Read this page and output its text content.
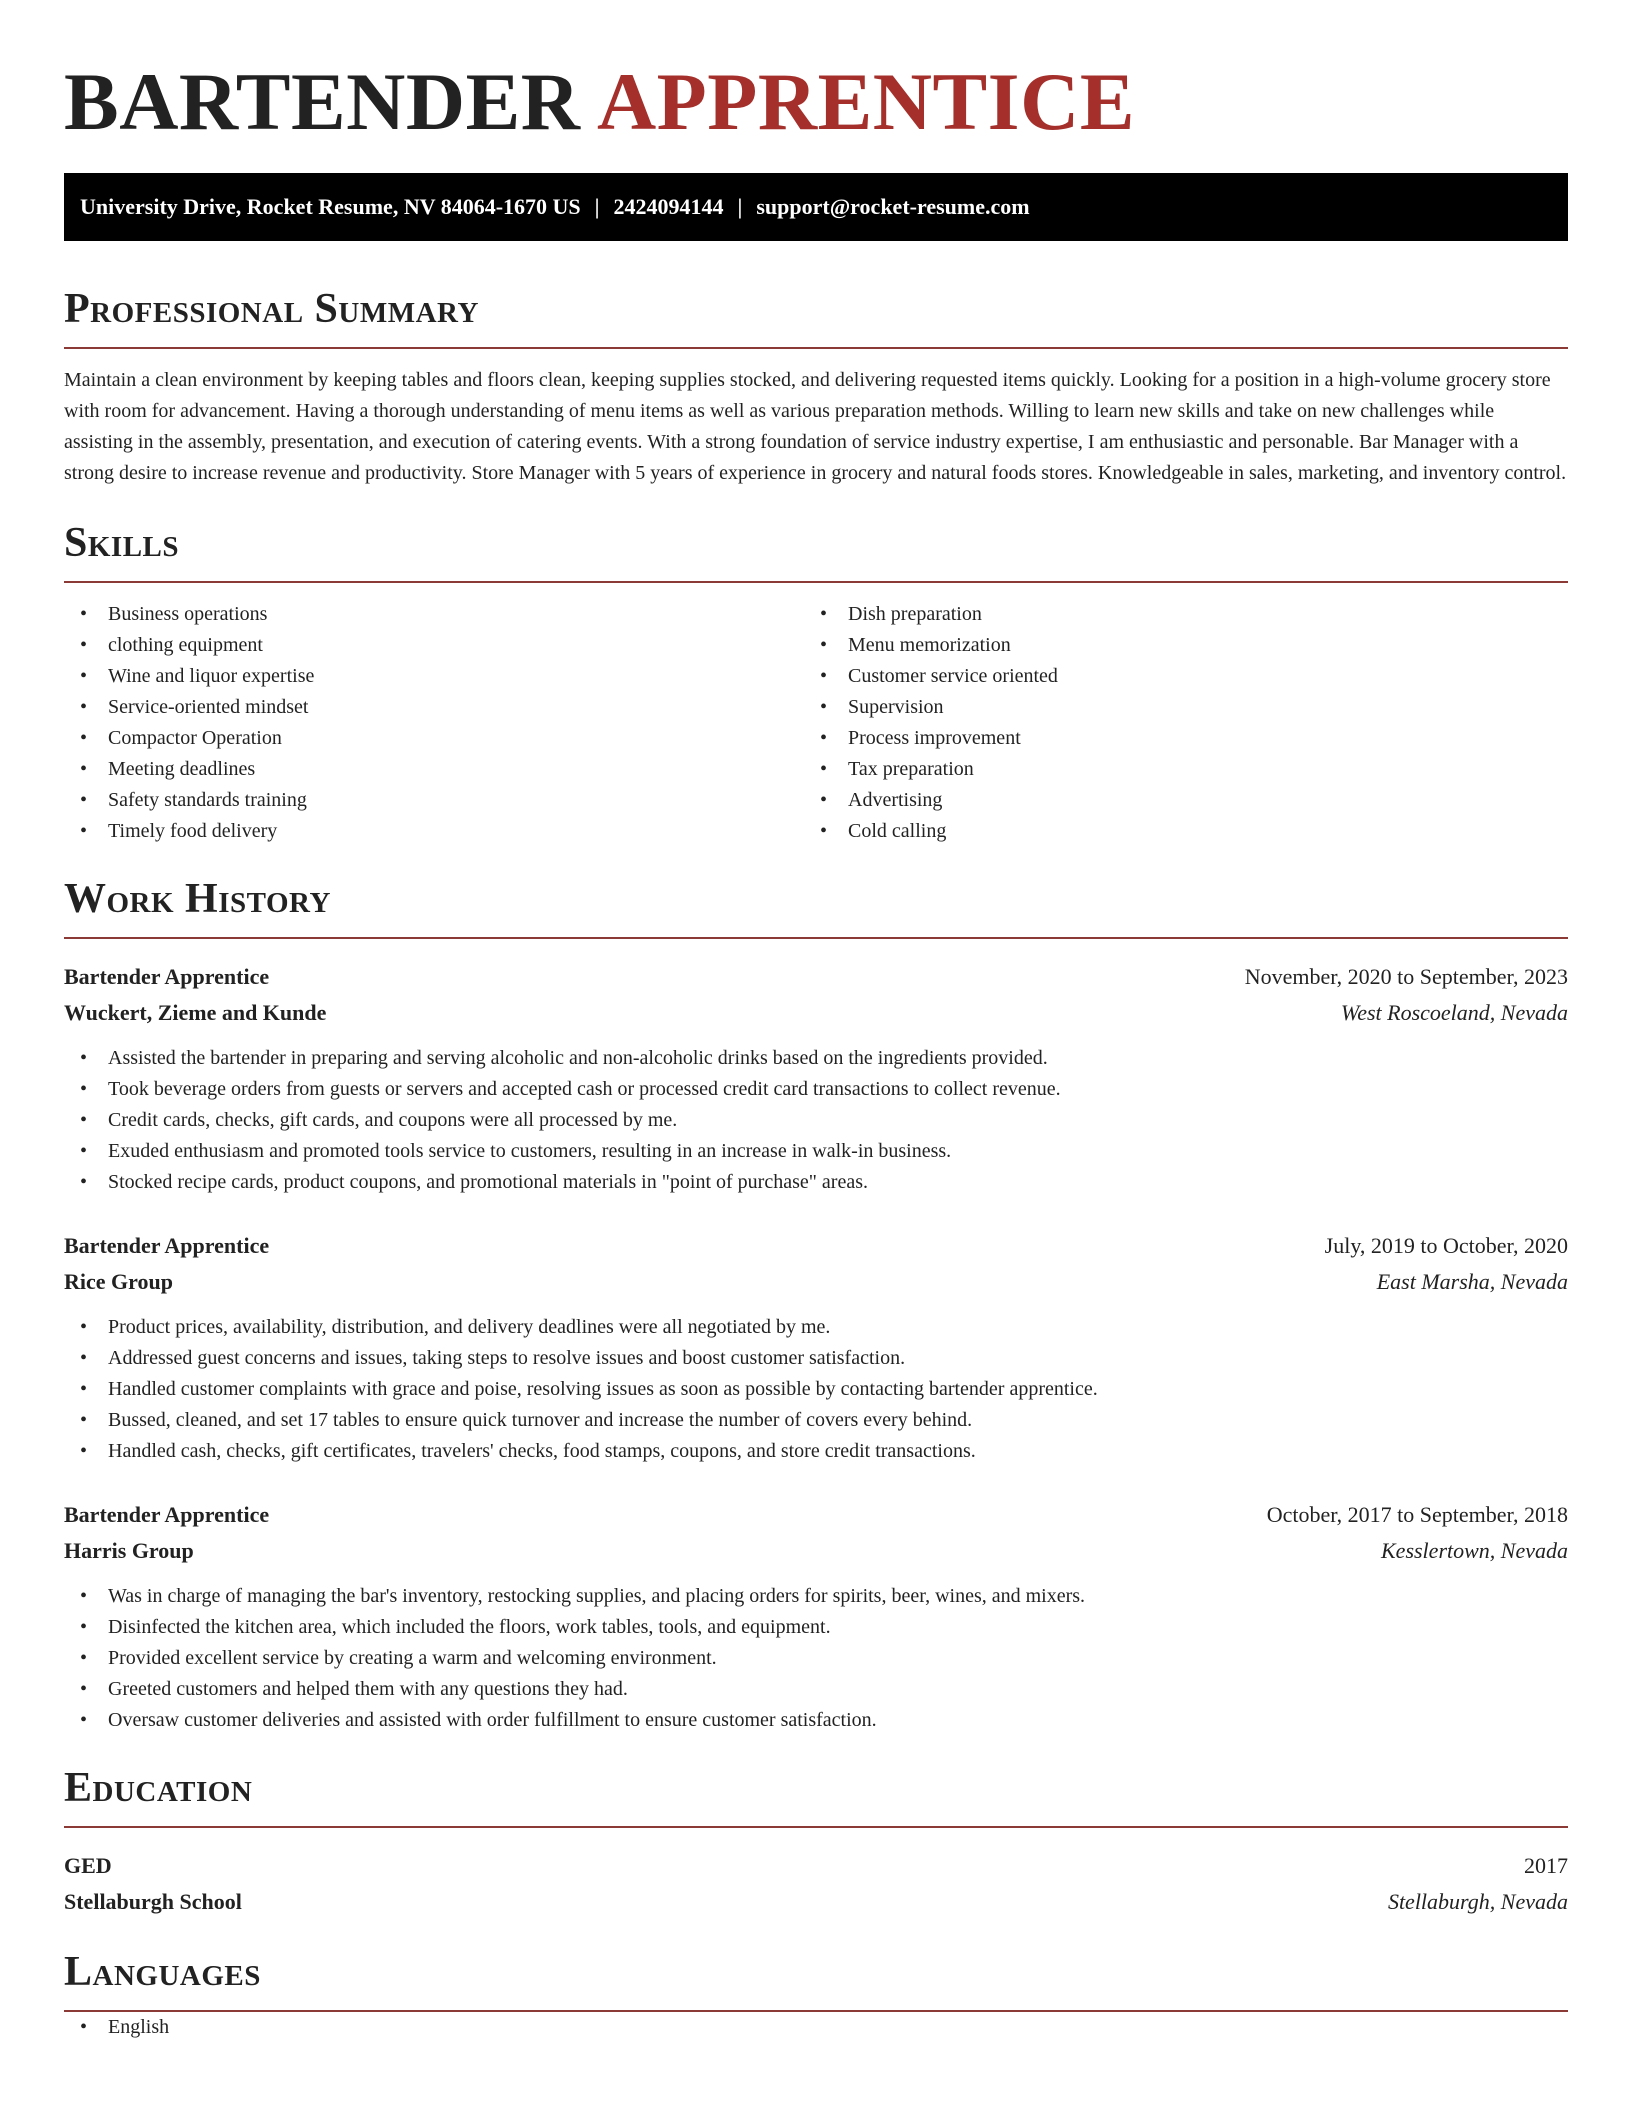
BARTENDER APPRENTICE
University Drive, Rocket Resume, NV 84064-1670 US | 2424094144 | support@rocket-resume.com
Professional Summary

Maintain a clean environment by keeping tables and floors clean, keeping supplies stocked, and delivering requested items quickly. Looking for a position in a high-volume grocery store with room for advancement. Having a thorough understanding of menu items as well as various preparation methods. Willing to learn new skills and take on new challenges while assisting in the assembly, presentation, and execution of catering events. With a strong foundation of service industry expertise, I am enthusiastic and personable. Bar Manager with a strong desire to increase revenue and productivity. Store Manager with 5 years of experience in grocery and natural foods stores. Knowledgeable in sales, marketing, and inventory control.

Skills
• Business operations
• clothing equipment
• Wine and liquor expertise
• Service-oriented mindset
• Compactor Operation
• Meeting deadlines
• Safety standards training
• Timely food delivery
• Dish preparation
• Menu memorization
• Customer service oriented
• Supervision
• Process improvement
• Tax preparation
• Advertising
• Cold calling
Work History
Bartender Apprentice	November, 2020 to September, 2023
Wuckert, Zieme and Kunde	West Roscoeland, Nevada
• Assisted the bartender in preparing and serving alcoholic and non-alcoholic drinks based on the ingredients provided.
• Took beverage orders from guests or servers and accepted cash or processed credit card transactions to collect revenue.
• Credit cards, checks, gift cards, and coupons were all processed by me.
• Exuded enthusiasm and promoted tools service to customers, resulting in an increase in walk-in business.
• Stocked recipe cards, product coupons, and promotional materials in "point of purchase" areas.
Bartender Apprentice	July, 2019 to October, 2020
Rice Group	East Marsha, Nevada
• Product prices, availability, distribution, and delivery deadlines were all negotiated by me.
• Addressed guest concerns and issues, taking steps to resolve issues and boost customer satisfaction.
• Handled customer complaints with grace and poise, resolving issues as soon as possible by contacting bartender apprentice.
• Bussed, cleaned, and set 17 tables to ensure quick turnover and increase the number of covers every behind.
• Handled cash, checks, gift certificates, travelers' checks, food stamps, coupons, and store credit transactions.
Bartender Apprentice	October, 2017 to September, 2018
Harris Group	Kesslertown, Nevada
• Was in charge of managing the bar's inventory, restocking supplies, and placing orders for spirits, beer, wines, and mixers.
• Disinfected the kitchen area, which included the floors, work tables, tools, and equipment.
• Provided excellent service by creating a warm and welcoming environment.
• Greeted customers and helped them with any questions they had.
• Oversaw customer deliveries and assisted with order fulfillment to ensure customer satisfaction.
Education
GED	2017
Stellaburgh School	Stellaburgh, Nevada
Languages
• English
